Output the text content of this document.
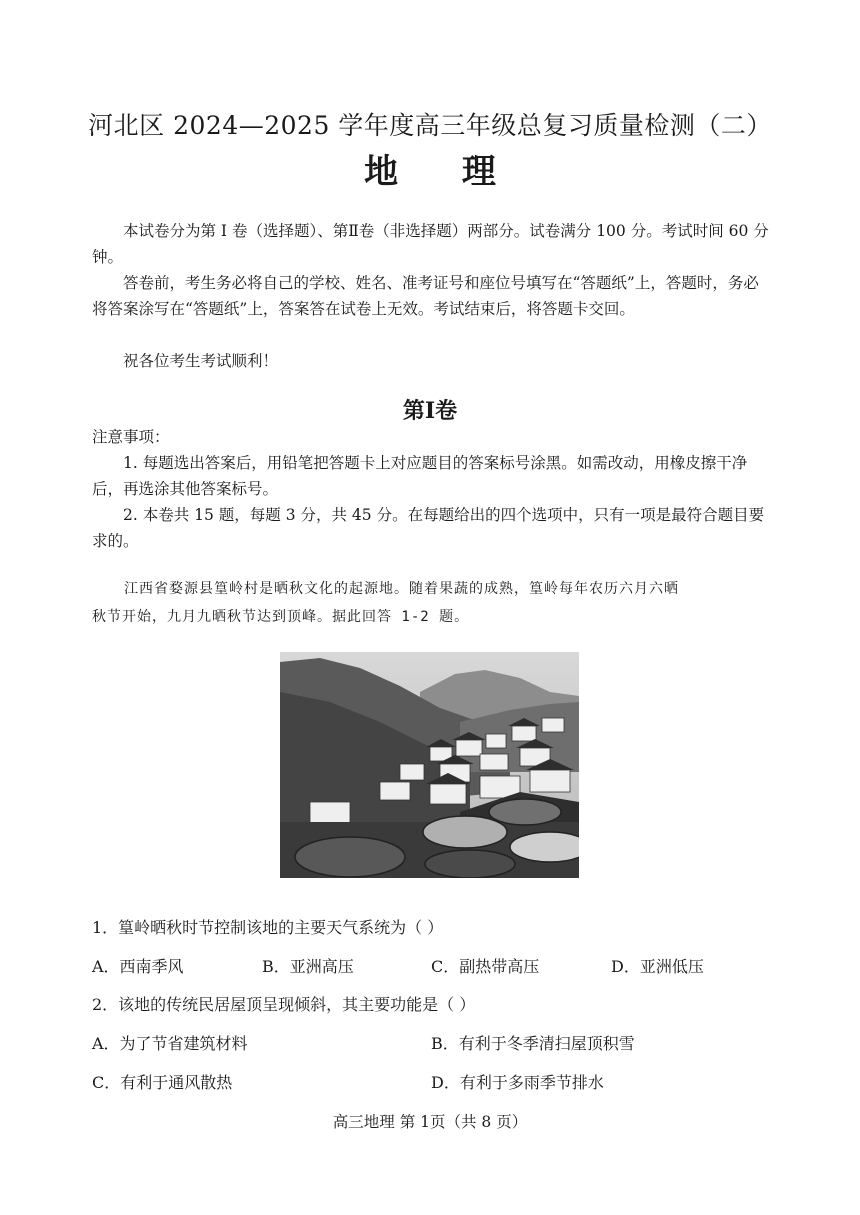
河北区 2024—2025 学年度高三年级总复习质量检测（二）
地 理
本试卷分为第 I 卷（选择题）、第Ⅱ卷（非选择题）两部分。试卷满分 100 分。考试时间 60 分钟。
答卷前，考生务必将自己的学校、姓名、准考证号和座位号填写在“答题纸”上，答题时，务必将答案涂写在“答题纸”上，答案答在试卷上无效。考试结束后，将答题卡交回。
祝各位考生考试顺利！
第Ⅰ卷
注意事项：
1. 每题选出答案后，用铅笔把答题卡上对应题目的答案标号涂黑。如需改动，用橡皮擦干净后，再选涂其他答案标号。
2. 本卷共 15 题，每题 3 分，共 45 分。在每题给出的四个选项中，只有一项是最符合题目要求的。
江西省婺源县篁岭村是晒秋文化的起源地。随着果蔬的成熟，篁岭每年农历六月六晒
秋节开始，九月九晒秋节达到顶峰。据此回答 1-2 题。
1．篁岭晒秋时节控制该地的主要天气系统为（ ）
A．西南季风	B．亚洲高压	C．副热带高压	D．亚洲低压
2．该地的传统民居屋顶呈现倾斜，其主要功能是（ ）
A．为了节省建筑材料	B．有利于冬季清扫屋顶积雪
C．有利于通风散热	D．有利于多雨季节排水
高三地理 第 1页（共 8 页）
